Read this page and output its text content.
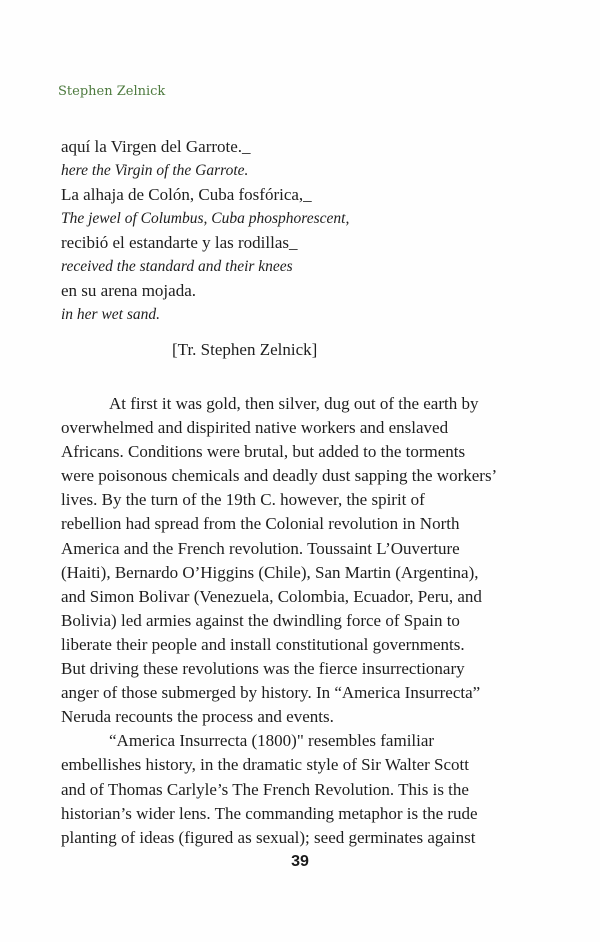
Stephen Zelnick
aquí la Virgen del Garrote._
here the Virgin of the Garrote.
La alhaja de Colón, Cuba fosfórica,_
The jewel of Columbus, Cuba phosphorescent,
recibió el estandarte y las rodillas_
received the standard and their knees
en su arena mojada.
in her wet sand.
[Tr. Stephen Zelnick]
At first it was gold, then silver, dug out of the earth by
overwhelmed and dispirited native workers and enslaved
Africans. Conditions were brutal, but added to the torments
were poisonous chemicals and deadly dust sapping the workers’
lives. By the turn of the 19th C. however, the spirit of
rebellion had spread from the Colonial revolution in North
America and the French revolution. Toussaint L’Ouverture
(Haiti), Bernardo O’Higgins (Chile), San Martin (Argentina),
and Simon Bolivar (Venezuela, Colombia, Ecuador, Peru, and
Bolivia) led armies against the dwindling force of Spain to
liberate their people and install constitutional governments.
But driving these revolutions was the fierce insurrectionary
anger of those submerged by history. In “America Insurrecta”
Neruda recounts the process and events.
“America Insurrecta (1800)" resembles familiar
embellishes history, in the dramatic style of Sir Walter Scott
and of Thomas Carlyle’s The French Revolution. This is the
historian’s wider lens. The commanding metaphor is the rude
planting of ideas (figured as sexual); seed germinates against
39
